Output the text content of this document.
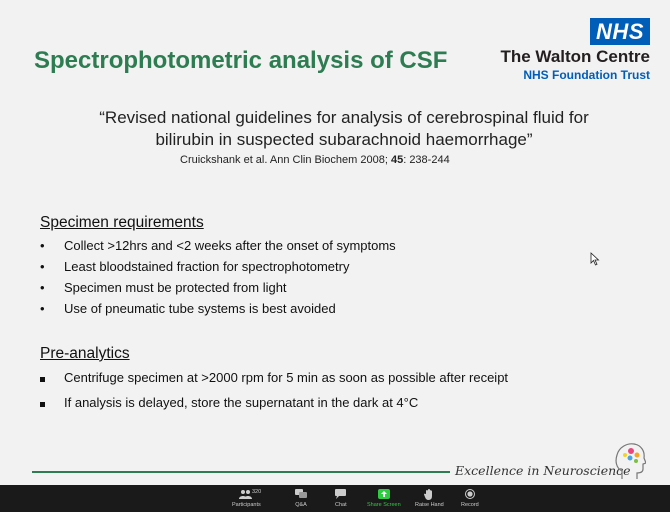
Spectrophotometric analysis of CSF
NHS
The Walton Centre
NHS Foundation Trust
“Revised national guidelines for analysis of cerebrospinal fluid for
bilirubin in suspected subarachnoid haemorrhage”
Cruickshank et al. Ann Clin Biochem 2008; 45: 238-244
Specimen requirements
• Collect >12hrs and <2 weeks after the onset of symptoms
• Least bloodstained fraction for spectrophotometry
• Specimen must be protected from light
• Use of pneumatic tube systems is best avoided
Pre-analytics
Centrifuge specimen at >2000 rpm for 5 min as soon as possible after receipt
If analysis is delayed, store the supernatant in the dark at 4°C
Excellence in Neuroscience
Participants
320
Q&A	Chat	Share Screen	Raise Hand	Record
